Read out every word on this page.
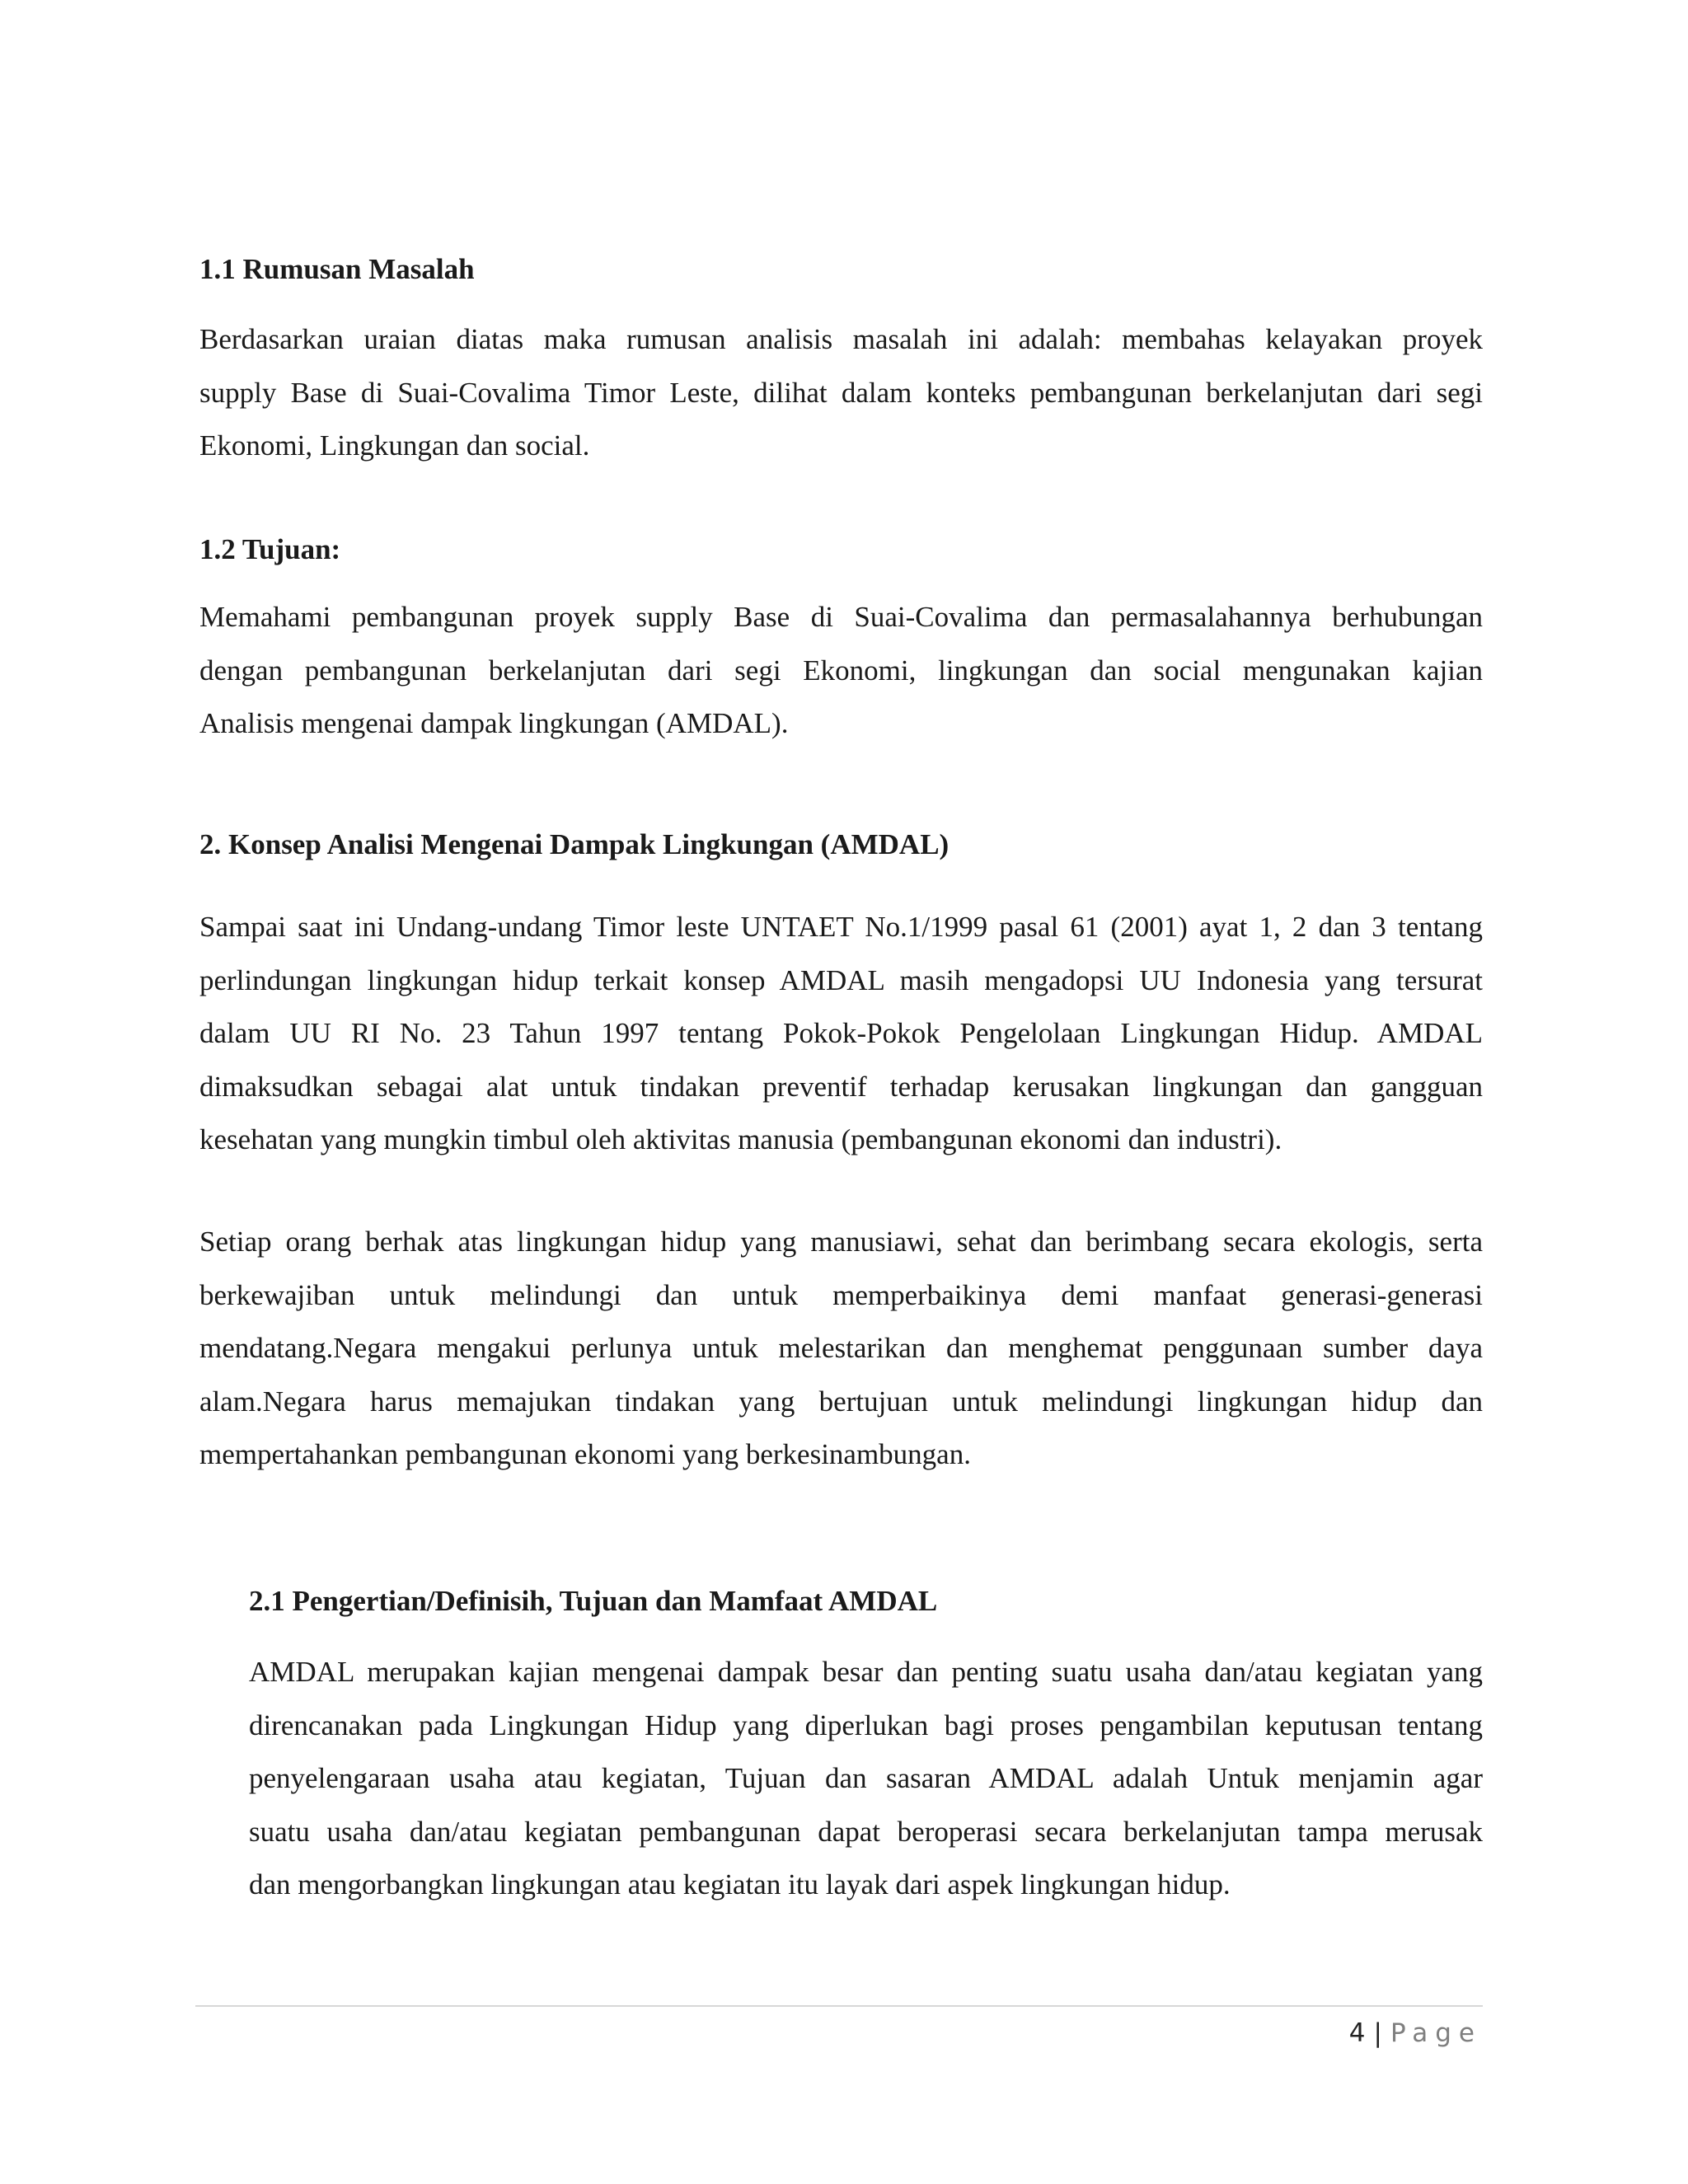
1.1 Rumusan Masalah
Berdasarkan uraian diatas maka rumusan analisis masalah ini adalah: membahas kelayakan proyek
supply Base di Suai-Covalima Timor Leste, dilihat dalam konteks pembangunan berkelanjutan dari segi
Ekonomi, Lingkungan dan social.
1.2 Tujuan:
Memahami pembangunan proyek supply Base di Suai-Covalima dan permasalahannya berhubungan
dengan pembangunan berkelanjutan dari segi Ekonomi, lingkungan dan social mengunakan kajian
Analisis mengenai dampak lingkungan (AMDAL).
2. Konsep Analisi Mengenai Dampak Lingkungan (AMDAL)
Sampai saat ini Undang-undang Timor leste UNTAET No.1/1999 pasal 61 (2001) ayat 1, 2 dan 3 tentang
perlindungan lingkungan hidup terkait konsep AMDAL masih mengadopsi UU Indonesia yang tersurat
dalam UU RI No. 23 Tahun 1997 tentang Pokok-Pokok Pengelolaan Lingkungan Hidup. AMDAL
dimaksudkan sebagai alat untuk tindakan preventif terhadap kerusakan lingkungan dan gangguan
kesehatan yang mungkin timbul oleh aktivitas manusia (pembangunan ekonomi dan industri).
Setiap orang berhak atas lingkungan hidup yang manusiawi, sehat dan berimbang secara ekologis, serta
berkewajiban untuk melindungi dan untuk memperbaikinya demi manfaat generasi-generasi
mendatang.Negara mengakui perlunya untuk melestarikan dan menghemat penggunaan sumber daya
alam.Negara harus memajukan tindakan yang bertujuan untuk melindungi lingkungan hidup dan
mempertahankan pembangunan ekonomi yang berkesinambungan.
2.1 Pengertian/Definisih, Tujuan dan Mamfaat AMDAL
AMDAL merupakan kajian mengenai dampak besar dan penting suatu usaha dan/atau kegiatan yang
direncanakan pada Lingkungan Hidup yang diperlukan bagi proses pengambilan keputusan tentang
penyelengaraan usaha atau kegiatan, Tujuan dan sasaran AMDAL adalah Untuk menjamin agar
suatu usaha dan/atau kegiatan pembangunan dapat beroperasi secara berkelanjutan tampa merusak
dan mengorbangkan lingkungan atau kegiatan itu layak dari aspek lingkungan hidup.
4 | Page
